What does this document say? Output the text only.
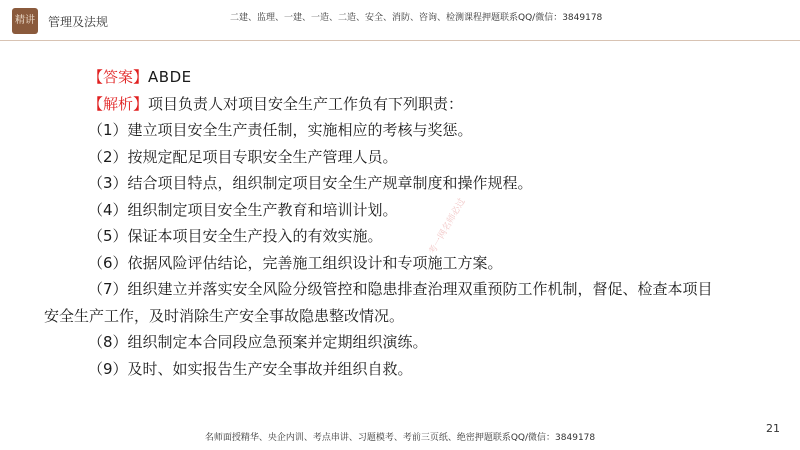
精讲 管理及法规	二建、监理、一建、一造、二造、安全、消防、咨询、检测课程押题联系QQ/微信：3849178
【答案】ABDE
【解析】项目负责人对项目安全生产工作负有下列职责：
（1）建立项目安全生产责任制，实施相应的考核与奖惩。
（2）按规定配足项目专职安全生产管理人员。
（3）结合项目特点，组织制定项目安全生产规章制度和操作规程。
（4）组织制定项目安全生产教育和培训计划。
（5）保证本项目安全生产投入的有效实施。
（6）依据风险评估结论，完善施工组织设计和专项施工方案。
（7）组织建立并落实安全风险分级管控和隐患排查治理双重预防工作机制，督促、检查本项目
安全生产工作，及时消除生产安全事故隐患整改情况。
（8）组织制定本合同段应急预案并定期组织演练。
（9）及时、如实报告生产安全事故并组织自救。
考一网名师必过
21
名师面授精华、央企内训、考点串讲、习题模考、考前三页纸、绝密押题联系QQ/微信：3849178
